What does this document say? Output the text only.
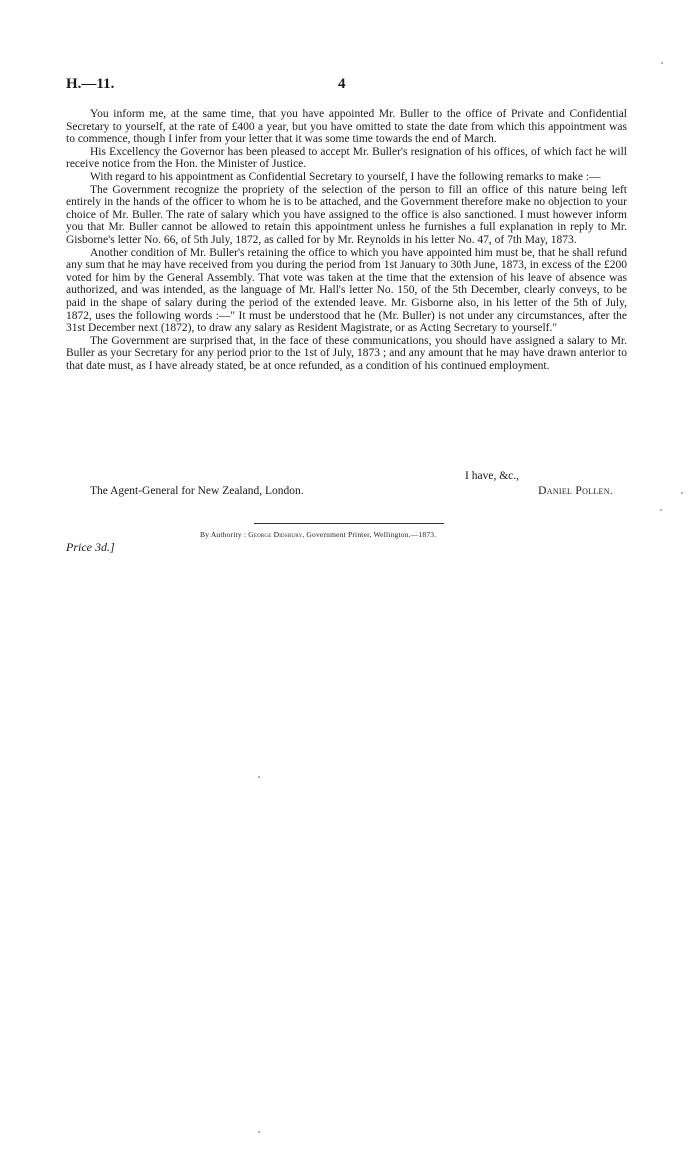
H.—11.	4

You inform me, at the same time, that you have appointed Mr. Buller to the office of Private and Confidential Secretary to yourself, at the rate of £400 a year, but you have omitted to state the date from which this appointment was to commence, though I infer from your letter that it was some time towards the end of March.

His Excellency the Governor has been pleased to accept Mr. Buller's resignation of his offices, of which fact he will receive notice from the Hon. the Minister of Justice.

With regard to his appointment as Confidential Secretary to yourself, I have the following remarks to make :—

The Government recognize the propriety of the selection of the person to fill an office of this nature being left entirely in the hands of the officer to whom he is to be attached, and the Government therefore make no objection to your choice of Mr. Buller. The rate of salary which you have assigned to the office is also sanctioned. I must however inform you that Mr. Buller cannot be allowed to retain this appointment unless he furnishes a full explanation in reply to Mr. Gisborne's letter No. 66, of 5th July, 1872, as called for by Mr. Reynolds in his letter No. 47, of 7th May, 1873.

Another condition of Mr. Buller's retaining the office to which you have appointed him must be, that he shall refund any sum that he may have received from you during the period from 1st January to 30th June, 1873, in excess of the £200 voted for him by the General Assembly. That vote was taken at the time that the extension of his leave of absence was authorized, and was intended, as the language of Mr. Hall's letter No. 150, of the 5th December, clearly conveys, to be paid in the shape of salary during the period of the extended leave. Mr. Gisborne also, in his letter of the 5th of July, 1872, uses the following words :—" It must be understood that he (Mr. Buller) is not under any circumstances, after the 31st December next (1872), to draw any salary as Resident Magistrate, or as Acting Secretary to yourself."

The Government are surprised that, in the face of these communications, you should have assigned a salary to Mr. Buller as your Secretary for any period prior to the 1st of July, 1873 ; and any amount that he may have drawn anterior to that date must, as I have already stated, be at once refunded, as a condition of his continued employment.

I have, &c.,
The Agent-General for New Zealand, London.	Daniel Pollen.
By Authority : George Didsbury, Government Printer, Wellington.—1873.
Price 3d.]
